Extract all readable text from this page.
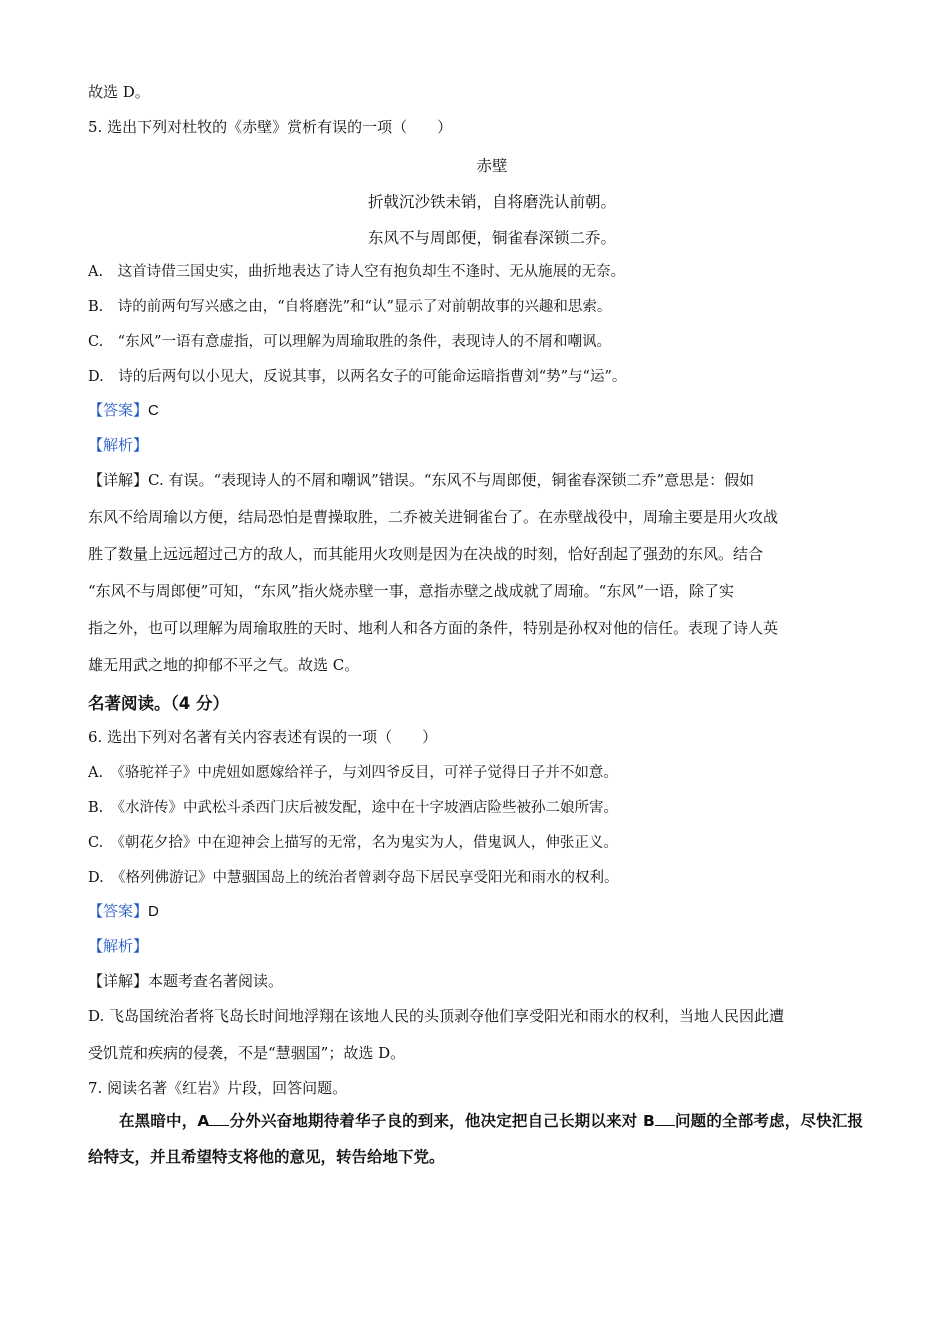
故选 D。
5. 选出下列对杜牧的《赤壁》赏析有误的一项（　　）
赤壁
折戟沉沙铁未销，自将磨洗认前朝。
东风不与周郎便，铜雀春深锁二乔。
A.　这首诗借三国史实，曲折地表达了诗人空有抱负却生不逢时、无从施展的无奈。
B.　诗的前两句写兴感之由，“自将磨洗”和“认”显示了对前朝故事的兴趣和思索。
C.　“东风”一语有意虚指，可以理解为周瑜取胜的条件，表现诗人的不屑和嘲讽。
D.　诗的后两句以小见大，反说其事，以两名女子的可能命运暗指曹刘“势”与“运”。
【答案】C
【解析】
【详解】C. 有误。“表现诗人的不屑和嘲讽”错误。“东风不与周郎便，铜雀春深锁二乔”意思是：假如
东风不给周瑜以方便，结局恐怕是曹操取胜，二乔被关进铜雀台了。在赤壁战役中，周瑜主要是用火攻战
胜了数量上远远超过己方的敌人，而其能用火攻则是因为在决战的时刻，恰好刮起了强劲的东风。结合
“东风不与周郎便”可知，“东风”指火烧赤壁一事，意指赤壁之战成就了周瑜。“东风”一语，除了实
指之外，也可以理解为周瑜取胜的天时、地利人和各方面的条件，特别是孙权对他的信任。表现了诗人英
雄无用武之地的抑郁不平之气。故选 C。
名著阅读。（4 分）
6. 选出下列对名著有关内容表述有误的一项（　　）
A.　《骆驼祥子》中虎妞如愿嫁给祥子，与刘四爷反目，可祥子觉得日子并不如意。
B.　《水浒传》中武松斗杀西门庆后被发配，途中在十字坡酒店险些被孙二娘所害。
C.　《朝花夕拾》中在迎神会上描写的无常，名为鬼实为人，借鬼讽人，伸张正义。
D.　《格列佛游记》中慧骃国岛上的统治者曾剥夺岛下居民享受阳光和雨水的权利。
【答案】D
【解析】
【详解】本题考查名著阅读。
D. 飞岛国统治者将飞岛长时间地浮翔在该地人民的头顶剥夺他们享受阳光和雨水的权利，当地人民因此遭
受饥荒和疾病的侵袭，不是“慧骃国”；故选 D。
7. 阅读名著《红岩》片段，回答问题。
在黑暗中，A 分外兴奋地期待着华子良的到来，他决定把自己长期以来对 B 问题的全部考虑，尽快汇报给特支，并且希望特支将他的意见，转告给地下党。
